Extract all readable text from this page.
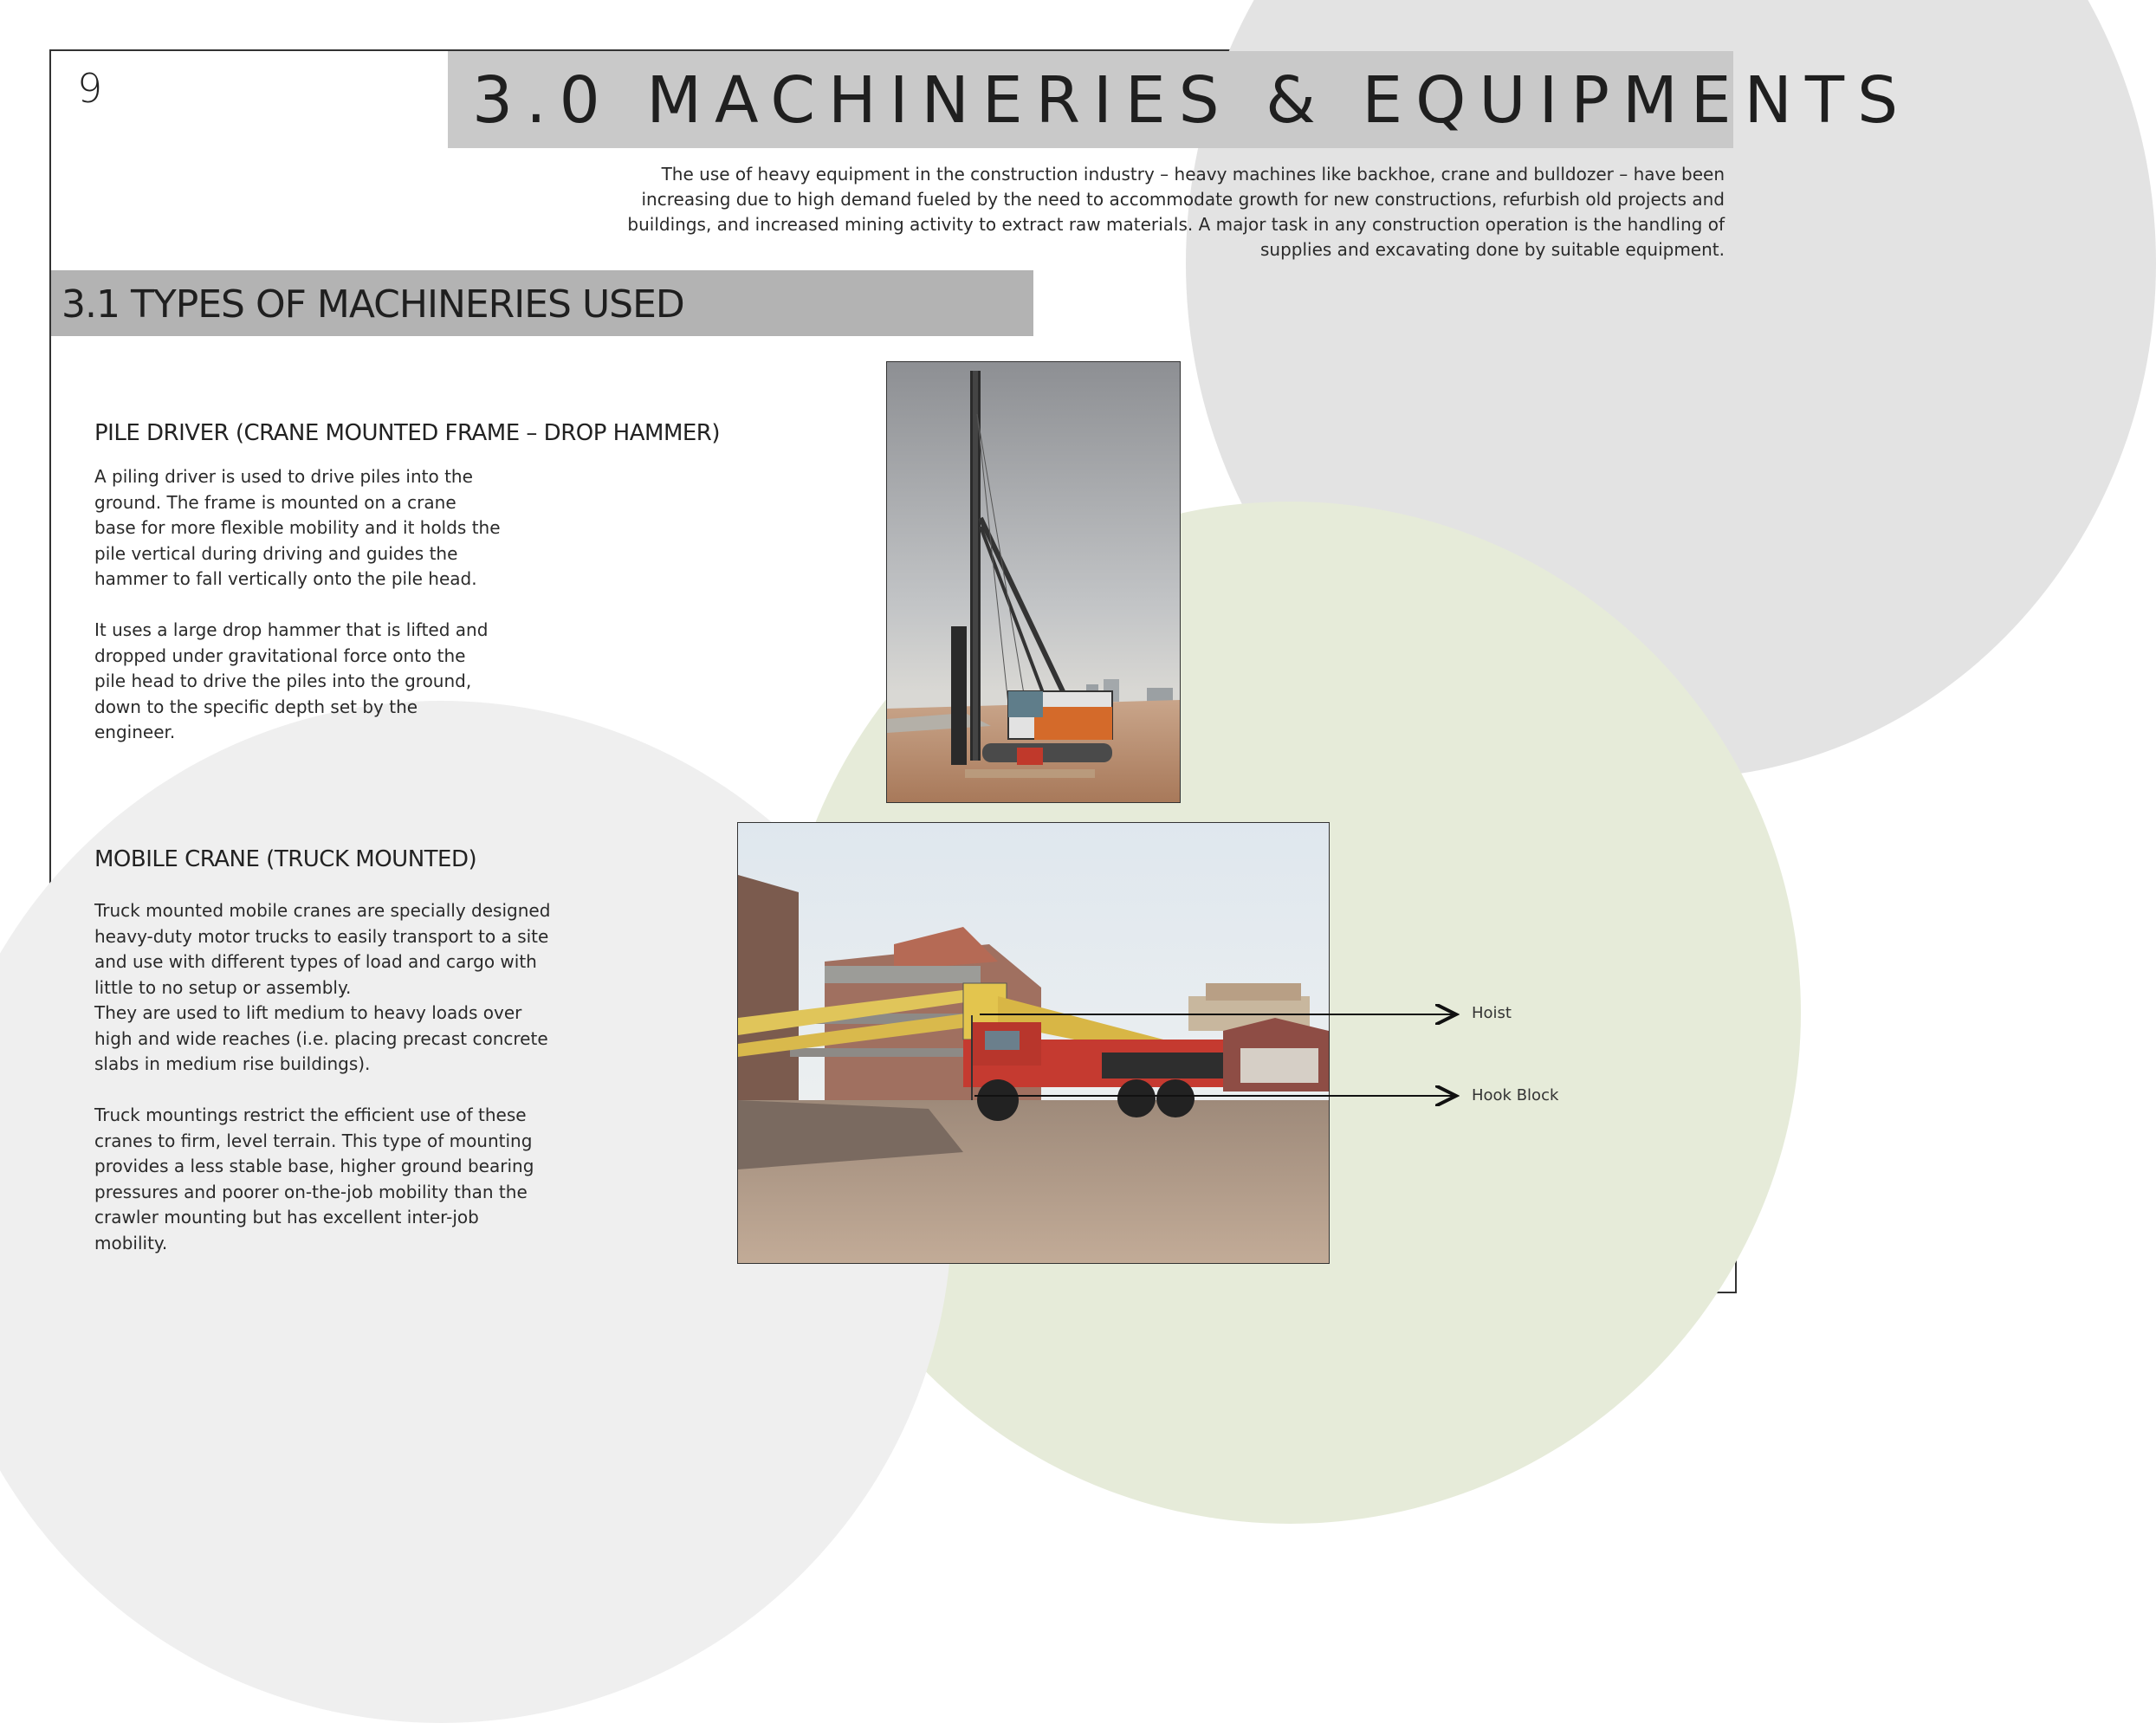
9	3.0 MACHINERIES & EQUIPMENTS
The use of heavy equipment in the construction industry – heavy machines like backhoe, crane and bulldozer – have been increasing due to high demand fueled by the need to accommodate growth for new constructions, refurbish old projects and buildings, and increased mining activity to extract raw materials. A major task in any construction operation is the handling of supplies and excavating done by suitable equipment.
3.1 TYPES OF MACHINERIES USED
PILE DRIVER (CRANE MOUNTED FRAME – DROP HAMMER)
A piling driver is used to drive piles into the ground. The frame is mounted on a crane base for more flexible mobility and it holds the pile vertical during driving and guides the hammer to fall vertically onto the pile head.
It uses a large drop hammer that is lifted and dropped under gravitational force onto the pile head to drive the piles into the ground, down to the specific depth set by the engineer.
MOBILE CRANE (TRUCK MOUNTED)
Truck mounted mobile cranes are specially designed heavy-duty motor trucks to easily transport to a site and use with different types of load and cargo with little to no setup or assembly.
They are used to lift medium to heavy loads over high and wide reaches (i.e. placing precast concrete slabs in medium rise buildings).
Truck mountings restrict the efficient use of these cranes to firm, level terrain. This type of mounting provides a less stable base, higher ground bearing pressures and poorer on-the-job mobility than the crawler mounting but has excellent inter-job mobility.
Hoist
Hook Block
